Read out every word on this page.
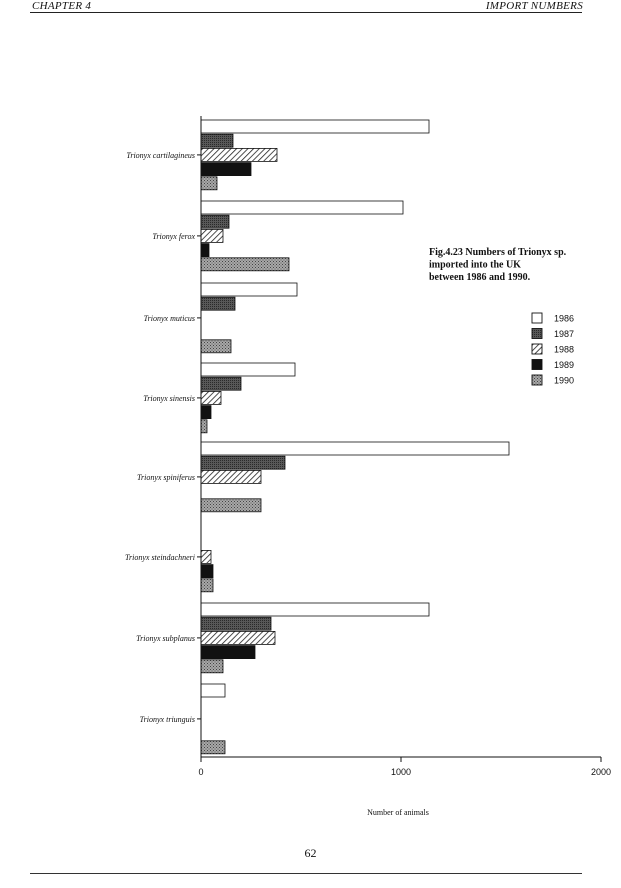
CHAPTER 4	IMPORT NUMBERS
Trionyx cartilagineus
Trionyx ferox
Trionyx muticus
Trionyx sinensis
Trionyx spiniferus
Trionyx steindachneri
Trionyx subplanus
Trionyx triunguis
0	1000	2000
Number of animals
Fig.4.23 Numbers of Trionyx sp.
imported into the UK
between 1986 and 1990.
1986
1987
1988
1989
1990
62
